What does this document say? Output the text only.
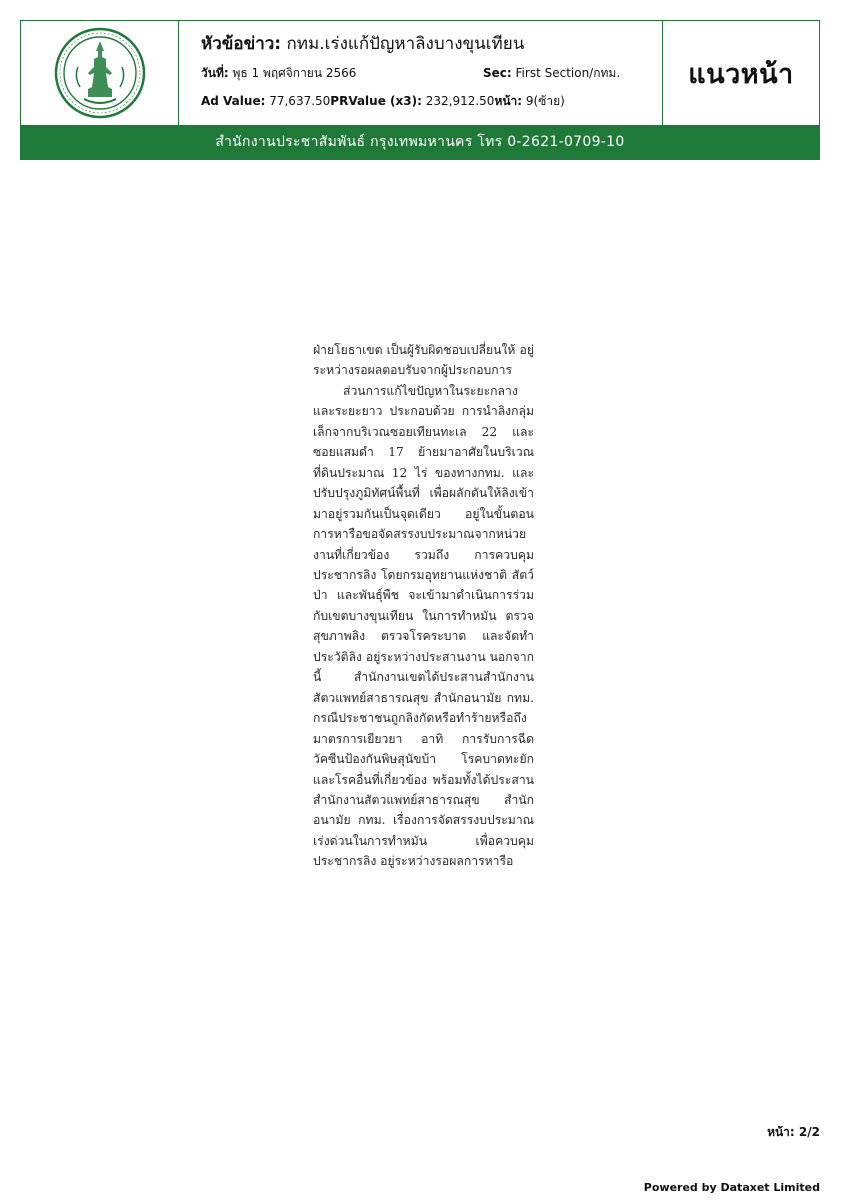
หัวข้อข่าว: กทม.เร่งแก้ปัญหาลิงบางขุนเทียน
วันที่: พุธ 1 พฤศจิกายน 2566	Sec: First Section/กทม.
Ad Value: 77,637.50PRValue (x3): 232,912.50หน้า: 9(ซ้าย)
แนวหน้า
สำนักงานประชาสัมพันธ์ กรุงเทพมหานคร โทร 0-2621-0709-10

ฝ่ายโยธาเขต เป็นผู้รับผิดชอบเปลี่ยนให้ อยู่ระหว่างรอผลตอบรับจากผู้ประกอบการ

ส่วนการแก้ไขปัญหาในระยะกลางและระยะยาว ประกอบด้วย การนำลิงกลุ่มเล็กจากบริเวณซอยเทียนทะเล 22 และซอยแสมดำ 17 ย้ายมาอาศัยในบริเวณที่ดินประมาณ 12 ไร่ ของทางกทม. และปรับปรุงภูมิทัศน์พื้นที่ เพื่อผลักดันให้ลิงเข้ามาอยู่รวมกันเป็นจุดเดียว อยู่ในขั้นตอนการหารือขอจัดสรรงบประมาณจากหน่วยงานที่เกี่ยวข้อง รวมถึง การควบคุมประชากรลิง โดยกรมอุทยานแห่งชาติ สัตว์ป่า และพันธุ์พืช จะเข้ามาดำเนินการร่วมกับเขตบางขุนเทียน ในการทำหมัน ตรวจสุขภาพลิง ตรวจโรคระบาด และจัดทำประวัติลิง อยู่ระหว่างประสานงาน นอกจากนี้ สำนักงานเขตได้ประสานสำนักงานสัตวแพทย์สาธารณสุข สำนักอนามัย กทม. กรณีประชาชนถูกลิงกัดหรือทำร้ายหรือถึงมาตรการเยียวยา อาทิ การรับการฉีดวัคซีนป้องกันพิษสุนัขบ้า โรคบาดทะยัก และโรคอื่นที่เกี่ยวข้อง พร้อมทั้งได้ประสานสำนักงานสัตวแพทย์สาธารณสุข สำนักอนามัย กทม. เรื่องการจัดสรรงบประมาณเร่งด่วนในการทำหมัน เพื่อควบคุมประชากรลิง อยู่ระหว่างรอผลการหารือ

หน้า: 2/2
Powered by Dataxet Limited
